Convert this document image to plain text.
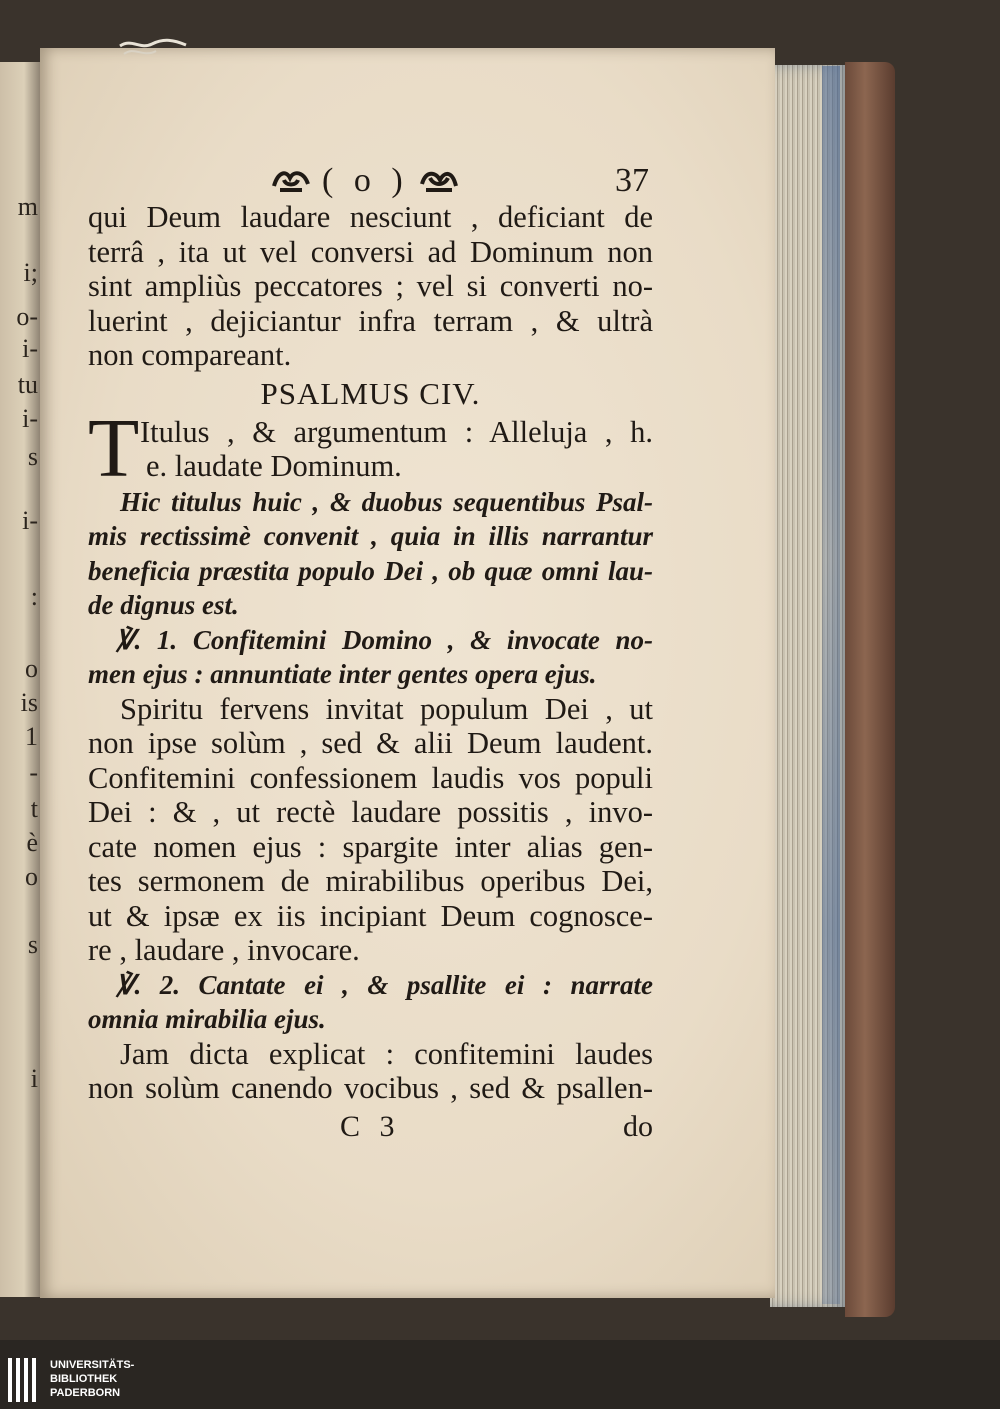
m
i;
o-
i-
tu
i-
s
i-
:
o
is
1
-
t
è
o
s
i
( o )	37
qui Deum laudare nesciunt , deficiant de
terrâ , ita ut vel conversi ad Dominum non
sint ampliùs peccatores ; vel si converti no-
luerint , dejiciantur infra terram , & ultrà
non compareant.
PSALMUS CIV.
T Itulus , & argumentum : Alleluja , h.
e. laudate Dominum.
Hic titulus huic , & duobus sequentibus Psal-
mis rectissimè convenit , quia in illis narrantur
beneficia præstita populo Dei , ob quæ omni lau-
de dignus est.
℣. 1. Confitemini Domino , & invocate no-
men ejus : annuntiate inter gentes opera ejus.
Spiritu fervens invitat populum Dei , ut
non ipse solùm , sed & alii Deum laudent.
Confitemini confessionem laudis vos populi
Dei : & , ut rectè laudare possitis , invo-
cate nomen ejus : spargite inter alias gen-
tes sermonem de mirabilibus operibus Dei,
ut & ipsæ ex iis incipiant Deum cognosce-
re , laudare , invocare.
℣. 2. Cantate ei , & psallite ei : narrate
omnia mirabilia ejus.
Jam dicta explicat : confitemini laudes
non solùm canendo vocibus , sed & psallen-
C 3	do
UNIVERSITÄTS-
BIBLIOTHEK
PADERBORN
